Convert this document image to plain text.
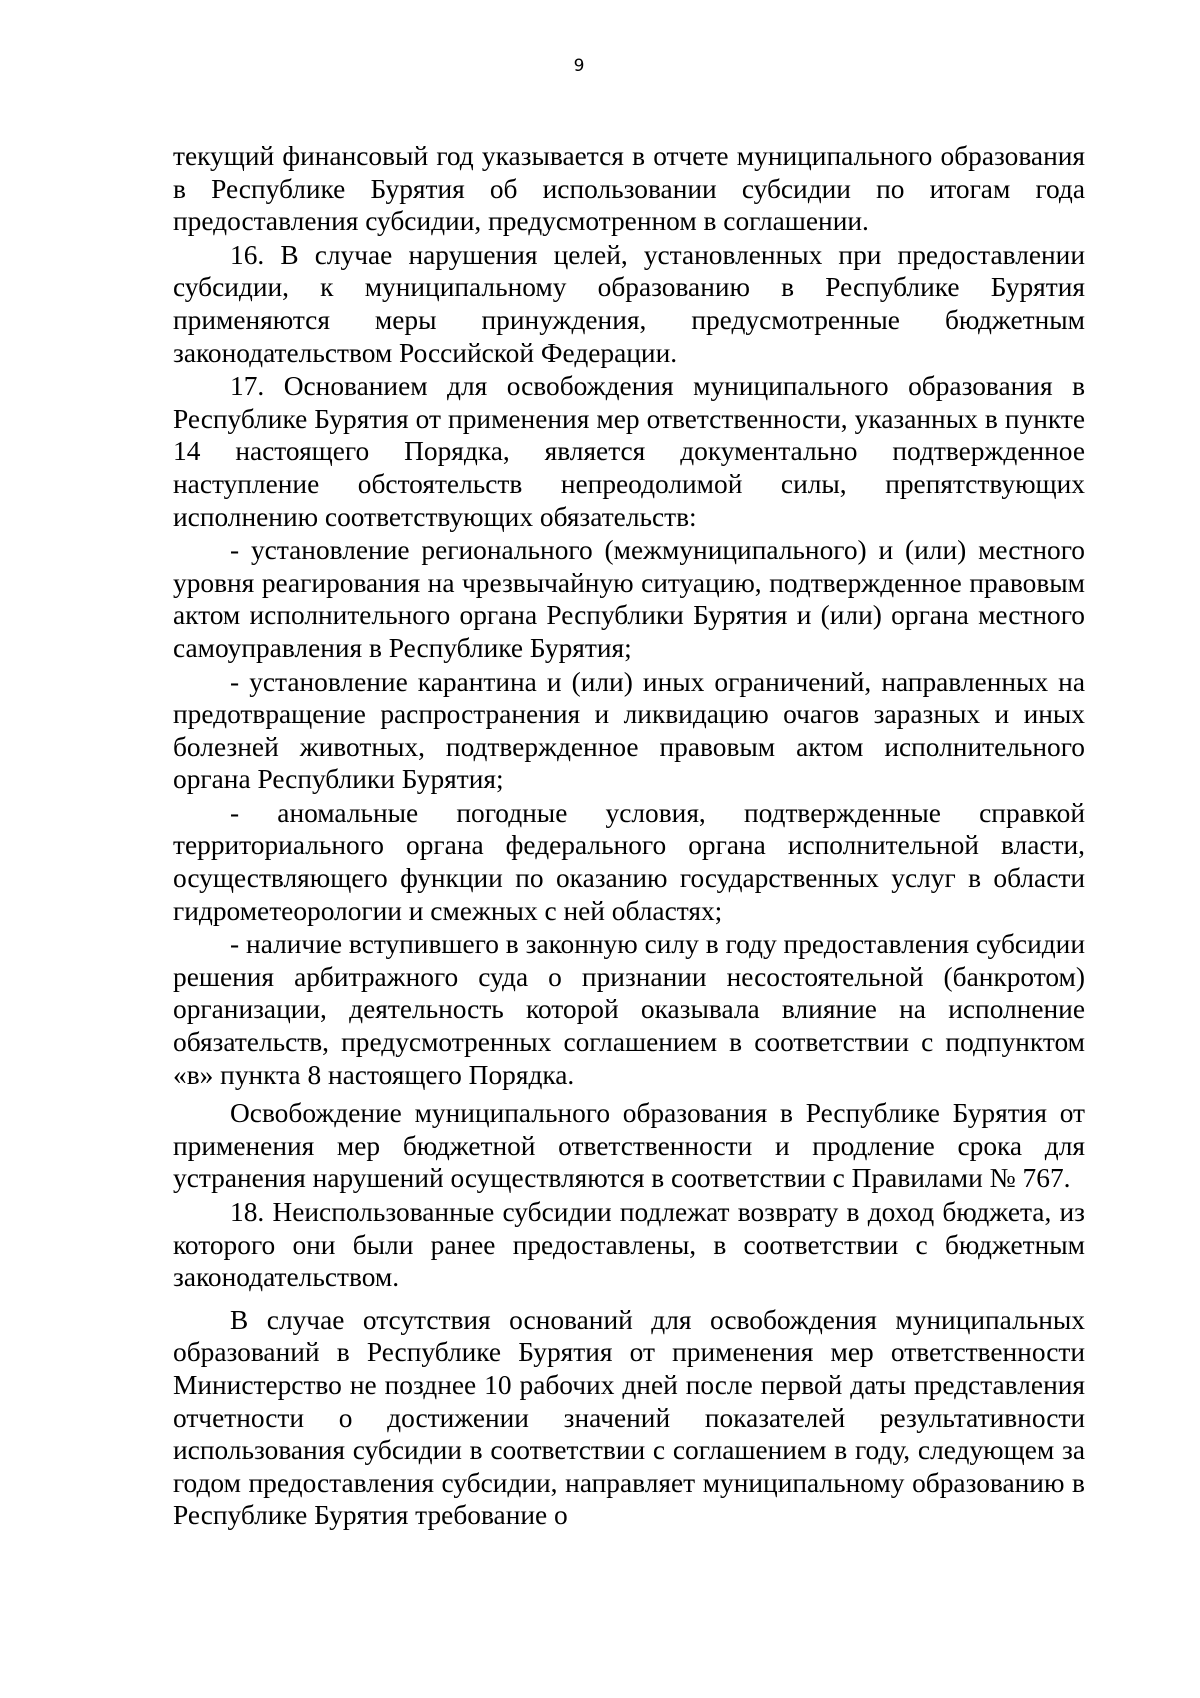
9

текущий финансовый год указывается в отчете муниципального образования в Республике Бурятия об использовании субсидии по итогам года предоставления субсидии, предусмотренном в соглашении.

16. В случае нарушения целей, установленных при предоставлении субсидии, к муниципальному образованию в Республике Бурятия применяются меры принуждения, предусмотренные бюджетным законодательством Российской Федерации.

17. Основанием для освобождения муниципального образования в Республике Бурятия от применения мер ответственности, указанных в пункте 14 настоящего Порядка, является документально подтвержденное наступление обстоятельств непреодолимой силы, препятствующих исполнению соответствующих обязательств:

- установление регионального (межмуниципального) и (или) местного уровня реагирования на чрезвычайную ситуацию, подтвержденное правовым актом исполнительного органа Республики Бурятия и (или) органа местного самоуправления в Республике Бурятия;

- установление карантина и (или) иных ограничений, направленных на предотвращение распространения и ликвидацию очагов заразных и иных болезней животных, подтвержденное правовым актом исполнительного органа Республики Бурятия;

- аномальные погодные условия, подтвержденные справкой территориального органа федерального органа исполнительной власти, осуществляющего функции по оказанию государственных услуг в области гидрометеорологии и смежных с ней областях;

- наличие вступившего в законную силу в году предоставления субсидии решения арбитражного суда о признании несостоятельной (банкротом) организации, деятельность которой оказывала влияние на исполнение обязательств, предусмотренных соглашением в соответствии с подпунктом «в» пункта 8 настоящего Порядка.

Освобождение муниципального образования в Республике Бурятия от применения мер бюджетной ответственности и продление срока для устранения нарушений осуществляются в соответствии с Правилами № 767.

18. Неиспользованные субсидии подлежат возврату в доход бюджета, из которого они были ранее предоставлены, в соответствии с бюджетным законодательством.

В случае отсутствия оснований для освобождения муниципальных образований в Республике Бурятия от применения мер ответственности Министерство не позднее 10 рабочих дней после первой даты представления отчетности о достижении значений показателей результативности использования субсидии в соответствии с соглашением в году, следующем за годом предоставления субсидии, направляет муниципальному образованию в Республике Бурятия требование о
